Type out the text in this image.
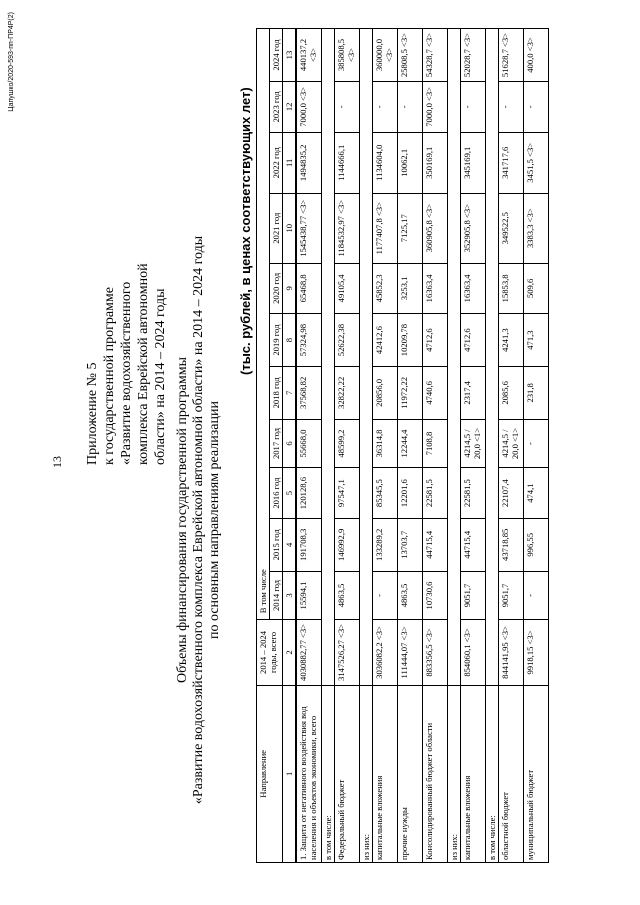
Цапушко/2020-593-пп-ПР4Р(2)
13 Приложение № 5 к государственной программе «Развитие водохозяйственного комплекса Еврейской автономной области» на 2014 – 2024 годы Объемы финансирования государственной программы «Развитие водохозяйственного комплекса Еврейской автономной области» на 2014 – 2024 годы по основным направлениям реализации
(тыс. рублей, в ценах соответствующих лет)
Направление	2014 – 2024 годы, всего	В том числе										
		2014 год	2015 год	2016 год	2017 год	2018 год	2019 год	2020 год	2021 год	2022 год	2023 год	2024 год
1	2	3	4	5	6	7	8	9	10	11	12	13
1. Защита от негативного воздействия вод населения и объектов экономики, всего	4030882,77 <3>	15594,1	191708,3	120128,6	55668,0	37568,82	57324,98	65468,8	1545438,77 <3>	1494835,2	7000,0 <3>	440137,2 <3>
в том числе:												
Федеральный бюджет	3147526,27 <3>	4863,5	146992,9	97547,1	48599,2	32822,22	52622,38	49105,4	1184532,97 <3>	1144666,1	-	385808,5 <3>
из них:												
капитальные вложения	3036082,2 <3>	-	133289,2	85345,5	36314,8	20856,0	42412,6	45852,3	1177407,8 <3>	1134604,0	-	360000,0 <3>
прочие нужды	111444,07 <3>	4863,5	13703,7	12201,6	12244,4	11972,22	10209,78	3253,1	7125,17	10062,1	-	25808,5 <3>
Консолидированный бюджет области	883356,5 <3>	10730,6	44715,4	22581,5	7108,8	4740,6	4712,6	16363,4	360905,8 <3>	350169,1	7000,0 <3>	54328,7 <3>
из них:												
капитальные вложения	854060,1 <3>	9051,7	44715,4	22581,5	4214,5 / 20,0 <1>	2317,4	4712,6	16363,4	352905,8 <3>	345169,1	-	52028,7 <3>
в том числе:												
областной бюджет	844141,95 <3>	9051,7	43718,85	22107,4	4214,5 / 20,0 <1>	2085,6	4241,3	15853,8	349522,5	341717,6	-	51628,7 <3>
муниципальный бюджет	9918,15 <3>	-	996,55	474,1	-	231,8	471,3	509,6	3383,3 <3>	3451,5 <3>	-	400,0 <3>
